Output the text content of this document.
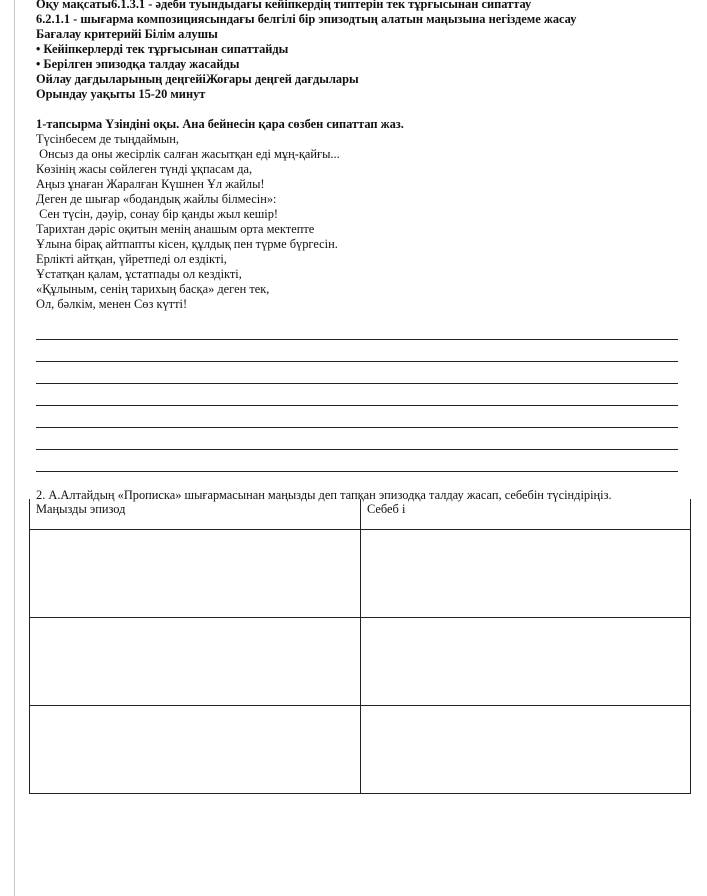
Оқу мақсаты6.1.3.1 - әдеби туындыдағы кейіпкердің типтерін тек тұрғысынан сипаттау
6.2.1.1 - шығарма композициясындағы белгілі бір эпизодтың алатын маңызына негіздеме жасау
Бағалау критерийі Білім алушы
• Кейіпкерлерді тек тұрғысынан сипаттайды
• Берілген эпизодқа талдау жасайды
Ойлау дағдыларының деңгейіЖоғары деңгей дағдылары
Орындау уақыты 15-20 минут
1-тапсырма Үзіндіні оқы. Ана бейнесін қара сөзбен сипаттап жаз.
Түсінбесем де тыңдаймын,
Онсыз да оны жесірлік салған жасытқан еді мұң-қайғы...
Көзінің жасы сөйлеген түнді ұқпасам да,
Аңыз ұнаған Жаралған Күшнен Ұл жайлы!
Деген де шығар «бодандық жайлы білмесін»:
Сен түсін, дәуір, сонау бір қанды жыл кешір!
Тарихтан дәріс оқитын менің анашым орта мектепте
Ұлына бірақ айтпапты кісен, құлдық пен түрме бүргесін.
Ерлікті айтқан, үйретпеді ол ездікті,
Ұстатқан қалам, ұстатпады ол кездікті,
«Құлыным, сенің тарихың басқа» деген тек,
Ол, бәлкім, менен Сөз күтті!
2. А.Алтайдың «Прописка» шығармасынан маңызды деп тапқан эпизодқа талдау жасап, себебін түсіндіріңіз.
Маңызды эпизод	Себеб і
